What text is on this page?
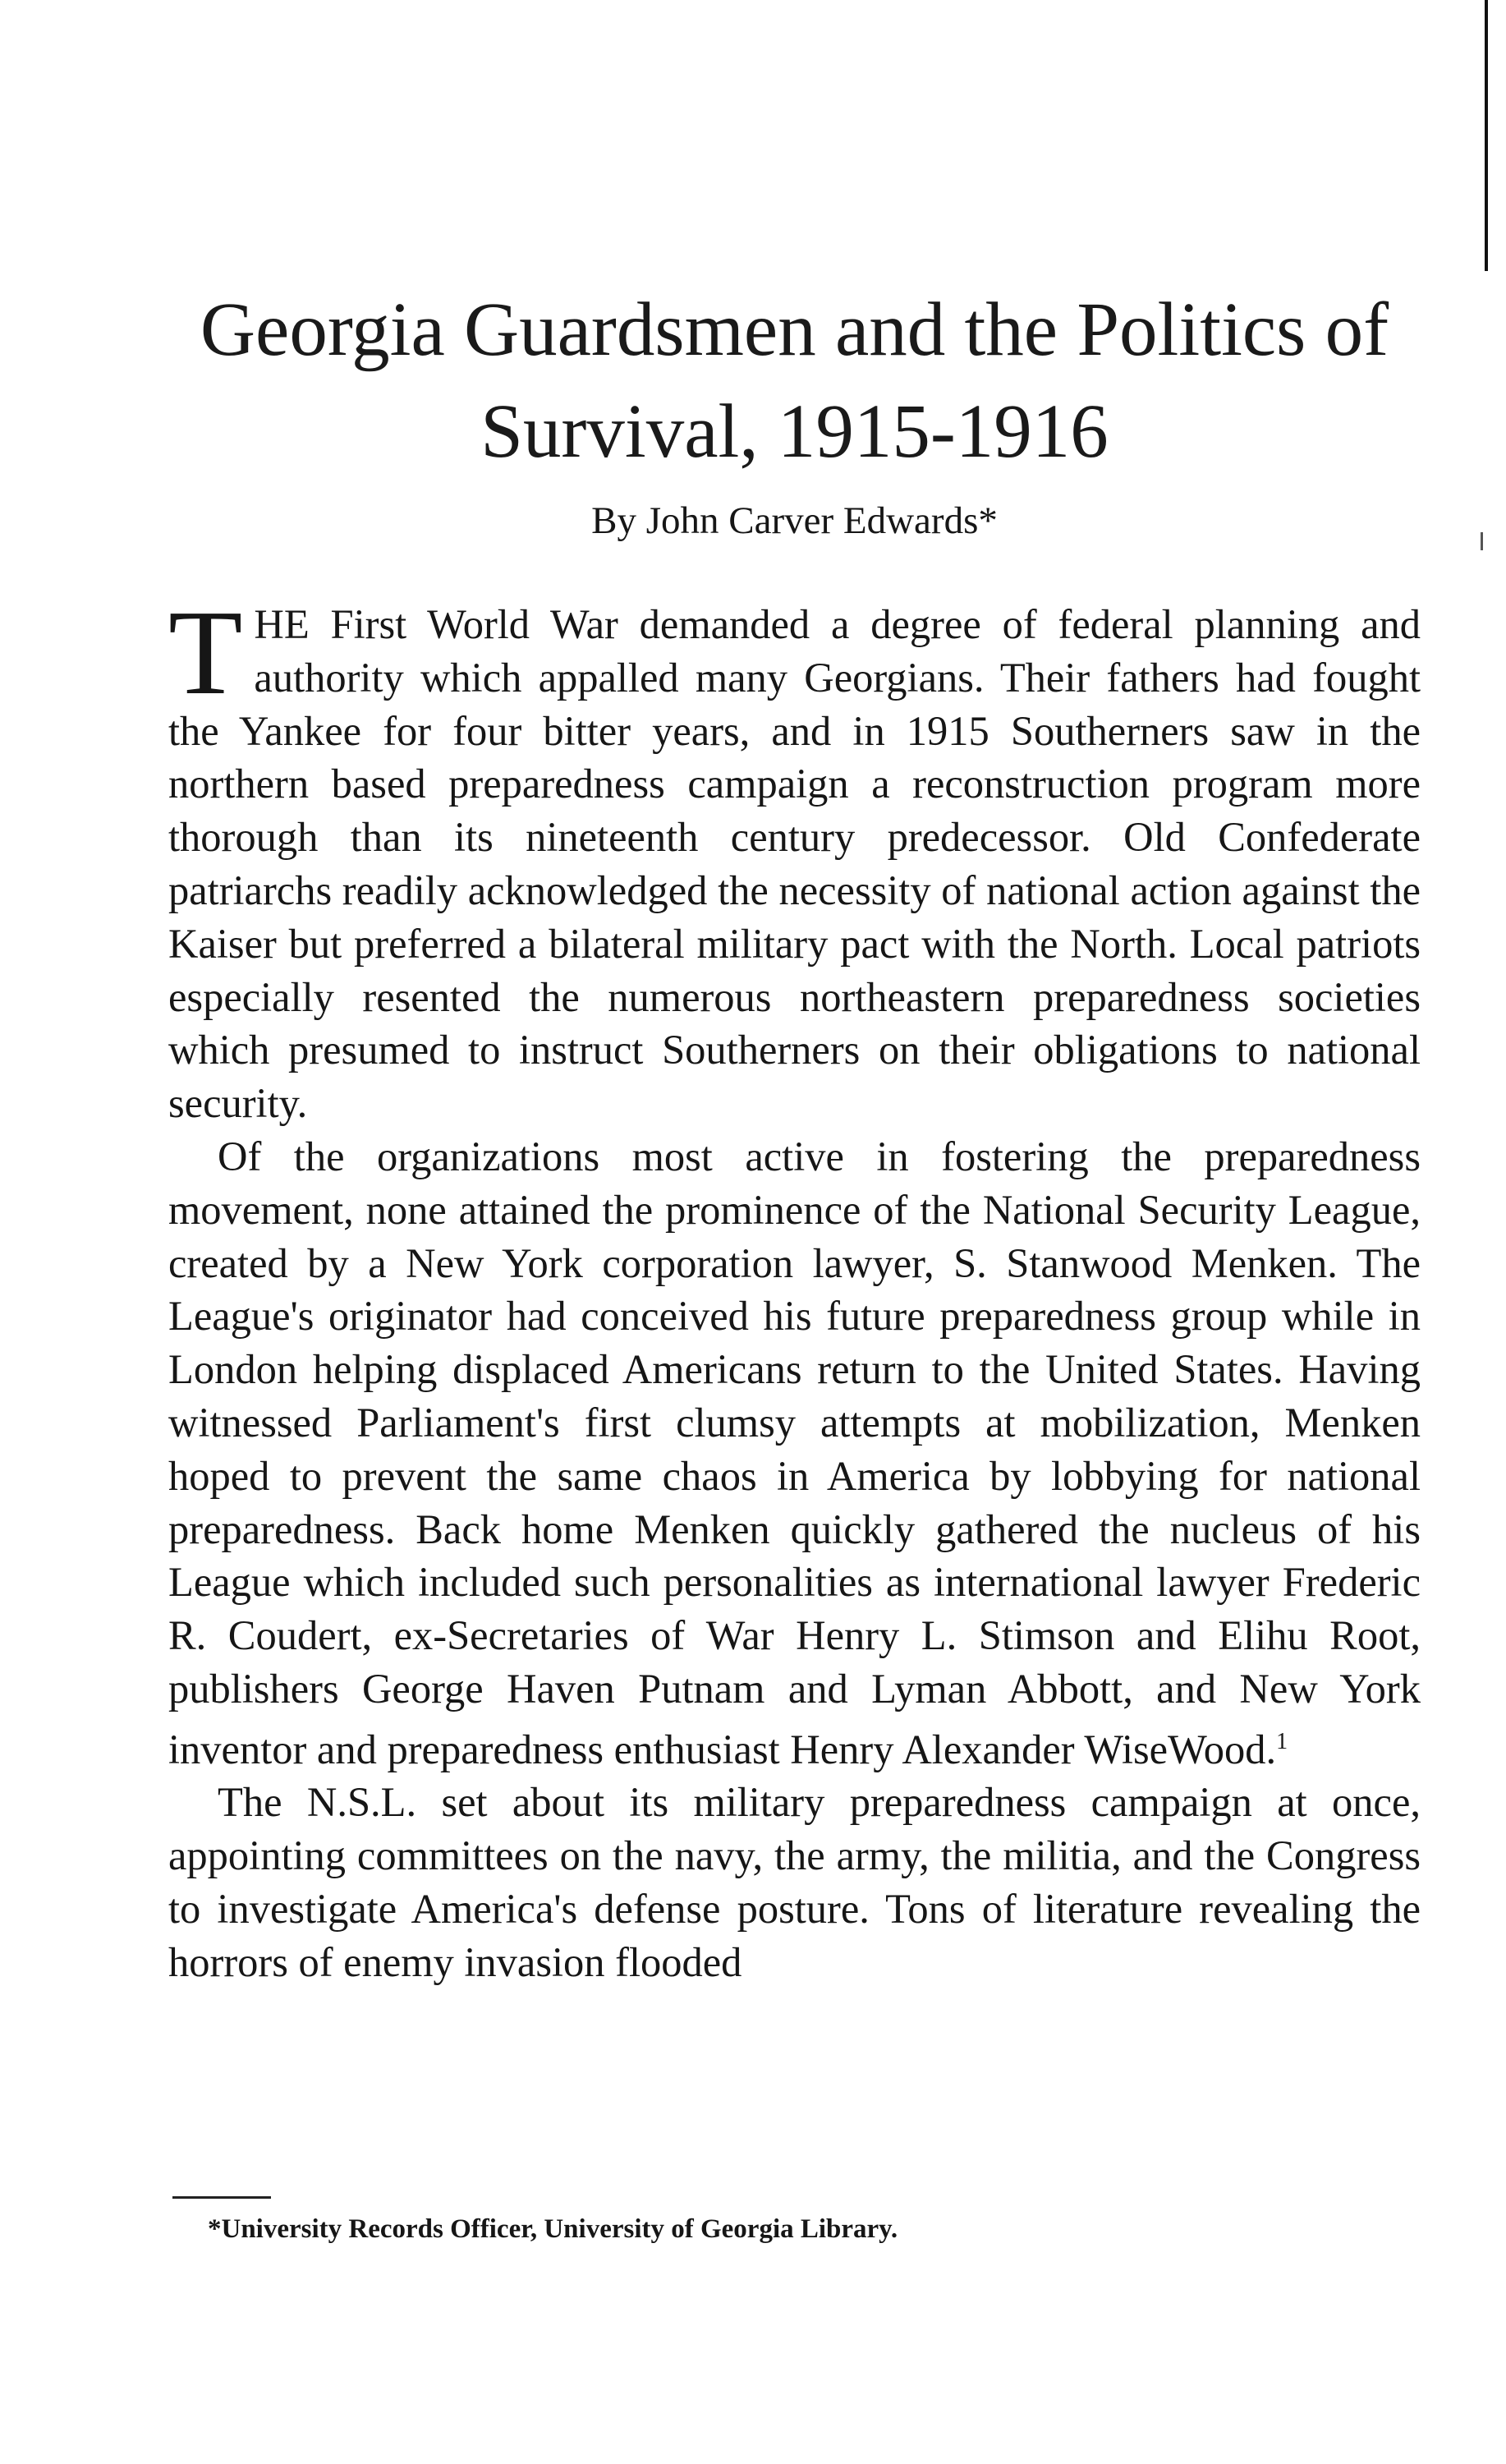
Georgia Guardsmen and the Politics of
Survival, 1915-1916
By John Carver Edwards*

THE First World War demanded a degree of federal planning and authority which appalled many Georgians. Their fathers had fought the Yankee for four bitter years, and in 1915 Southerners saw in the northern based preparedness campaign a reconstruction program more thorough than its nineteenth century predecessor. Old Confederate patriarchs readily acknowledged the necessity of national action against the Kaiser but preferred a bilateral military pact with the North. Local patriots especially resented the numerous northeastern preparedness societies which presumed to instruct Southerners on their obligations to national security.

Of the organizations most active in fostering the preparedness movement, none attained the prominence of the National Security League, created by a New York corporation lawyer, S. Stanwood Menken. The League's originator had conceived his future preparedness group while in London helping displaced Americans return to the United States. Having witnessed Parliament's first clumsy attempts at mobilization, Menken hoped to prevent the same chaos in America by lobbying for national preparedness. Back home Menken quickly gathered the nucleus of his League which included such personalities as international lawyer Frederic R. Coudert, ex-Secretaries of War Henry L. Stimson and Elihu Root, publishers George Haven Putnam and Lyman Abbott, and New York inventor and preparedness enthusiast Henry Alexander WiseWood.$^1$

The N.S.L. set about its military preparedness campaign at once, appointing committees on the navy, the army, the militia, and the Congress to investigate America's defense posture. Tons of literature revealing the horrors of enemy invasion flooded

*University Records Officer, University of Georgia Library.
